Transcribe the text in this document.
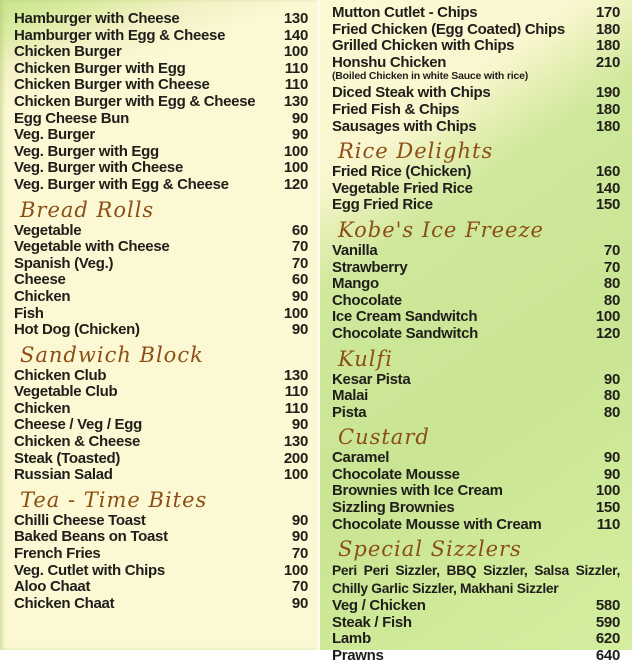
Hamburger with Cheese	130
Hamburger with Egg & Cheese	140
Chicken Burger	100
Chicken Burger with Egg	110
Chicken Burger with Cheese	110
Chicken Burger with Egg & Cheese	130
Egg Cheese Bun	90
Veg. Burger	90
Veg. Burger with Egg	100
Veg. Burger with Cheese	100
Veg. Burger with Egg & Cheese	120
Bread Rolls
Vegetable	60
Vegetable with Cheese	70
Spanish (Veg.)	70
Cheese	60
Chicken	90
Fish	100
Hot Dog (Chicken)	90
Sandwich Block
Chicken Club	130
Vegetable Club	110
Chicken	110
Cheese / Veg / Egg	90
Chicken & Cheese	130
Steak (Toasted)	200
Russian Salad	100
Tea - Time Bites
Chilli Cheese Toast	90
Baked Beans on Toast	90
French Fries	70
Veg. Cutlet with Chips	100
Aloo Chaat	70
Chicken Chaat	90
Mutton Cutlet - Chips	170
Fried Chicken (Egg Coated) Chips	180
Grilled Chicken with Chips	180
Honshu Chicken	210
(Boiled Chicken in white Sauce with rice)
Diced Steak with Chips	190
Fried Fish & Chips	180
Sausages with Chips	180
Rice Delights
Fried Rice (Chicken)	160
Vegetable Fried Rice	140
Egg Fried Rice	150
Kobe's Ice Freeze
Vanilla	70
Strawberry	70
Mango	80
Chocolate	80
Ice Cream Sandwitch	100
Chocolate Sandwitch	120
Kulfi
Kesar Pista	90
Malai	80
Pista	80
Custard
Caramel	90
Chocolate Mousse	90
Brownies with Ice Cream	100
Sizzling Brownies	150
Chocolate Mousse with Cream	110
Special Sizzlers
Peri Peri Sizzler, BBQ Sizzler, Salsa Sizzler,
Chilly Garlic Sizzler, Makhani Sizzler
Veg / Chicken	580
Steak / Fish	590
Lamb	620
Prawns	640
